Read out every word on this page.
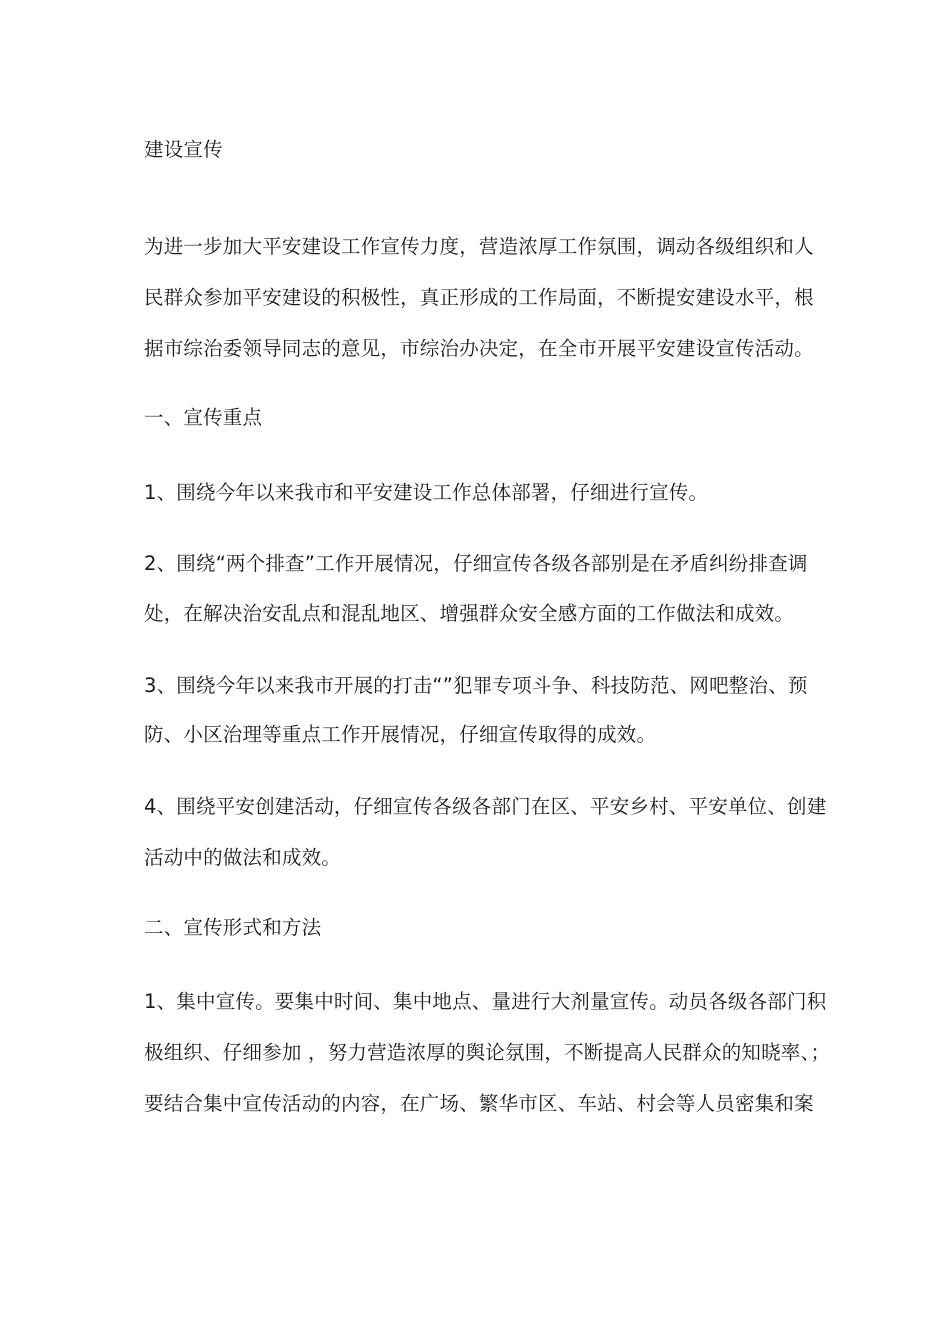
建设宣传
为进一步加大平安建设工作宣传力度，营造浓厚工作氛围，调动各级组织和人
民群众参加平安建设的积极性，真正形成的工作局面，不断提安建设水平，根
据市综治委领导同志的意见，市综治办决定，在全市开展平安建设宣传活动。
一、宣传重点
1、围绕今年以来我市和平安建设工作总体部署，仔细进行宣传。
2、围绕“两个排查”工作开展情况，仔细宣传各级各部别是在矛盾纠纷排查调
处，在解决治安乱点和混乱地区、增强群众安全感方面的工作做法和成效。
3、围绕今年以来我市开展的打击“”犯罪专项斗争、科技防范、网吧整治、预
防、小区治理等重点工作开展情况，仔细宣传取得的成效。
4、围绕平安创建活动，仔细宣传各级各部门在区、平安乡村、平安单位、创建
活动中的做法和成效。
二、宣传形式和方法
1、集中宣传。要集中时间、集中地点、量进行大剂量宣传。动员各级各部门积
极组织、仔细参加 ，努力营造浓厚的舆论氛围，不断提高人民群众的知晓率、；
要结合集中宣传活动的内容，在广场、繁华市区、车站、村会等人员密集和案
